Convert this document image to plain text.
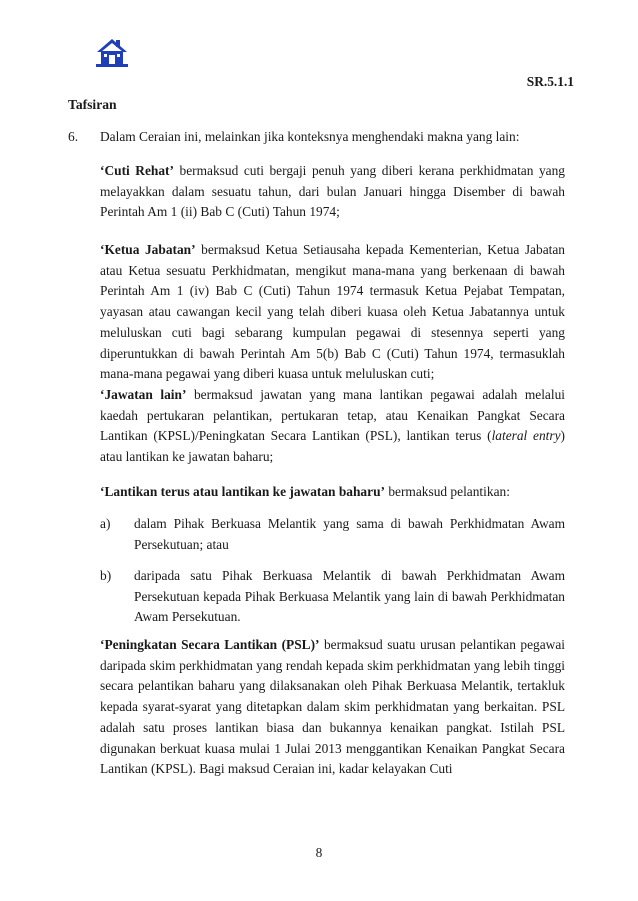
SR.5.1.1
Tafsiran
6. Dalam Ceraian ini, melainkan jika konteksnya menghendaki makna yang lain:
‘Cuti Rehat’ bermaksud cuti bergaji penuh yang diberi kerana perkhidmatan yang melayakkan dalam sesuatu tahun, dari bulan Januari hingga Disember di bawah Perintah Am 1 (ii) Bab C (Cuti) Tahun 1974;
‘Ketua Jabatan’ bermaksud Ketua Setiausaha kepada Kementerian, Ketua Jabatan atau Ketua sesuatu Perkhidmatan, mengikut mana-mana yang berkenaan di bawah Perintah Am 1 (iv) Bab C (Cuti) Tahun 1974 termasuk Ketua Pejabat Tempatan, yayasan atau cawangan kecil yang telah diberi kuasa oleh Ketua Jabatannya untuk meluluskan cuti bagi sebarang kumpulan pegawai di stesennya seperti yang diperuntukkan di bawah Perintah Am 5(b) Bab C (Cuti) Tahun 1974, termasuklah mana-mana pegawai yang diberi kuasa untuk meluluskan cuti;
‘Jawatan lain’ bermaksud jawatan yang mana lantikan pegawai adalah melalui kaedah pertukaran pelantikan, pertukaran tetap, atau Kenaikan Pangkat Secara Lantikan (KPSL)/Peningkatan Secara Lantikan (PSL), lantikan terus (lateral entry) atau lantikan ke jawatan baharu;
‘Lantikan terus atau lantikan ke jawatan baharu’ bermaksud pelantikan:
a) dalam Pihak Berkuasa Melantik yang sama di bawah Perkhidmatan Awam Persekutuan; atau
b) daripada satu Pihak Berkuasa Melantik di bawah Perkhidmatan Awam Persekutuan kepada Pihak Berkuasa Melantik yang lain di bawah Perkhidmatan Awam Persekutuan.
‘Peningkatan Secara Lantikan (PSL)’ bermaksud suatu urusan pelantikan pegawai daripada skim perkhidmatan yang rendah kepada skim perkhidmatan yang lebih tinggi secara pelantikan baharu yang dilaksanakan oleh Pihak Berkuasa Melantik, tertakluk kepada syarat-syarat yang ditetapkan dalam skim perkhidmatan yang berkaitan. PSL adalah satu proses lantikan biasa dan bukannya kenaikan pangkat. Istilah PSL digunakan berkuat kuasa mulai 1 Julai 2013 menggantikan Kenaikan Pangkat Secara Lantikan (KPSL). Bagi maksud Ceraian ini, kadar kelayakan Cuti
8
